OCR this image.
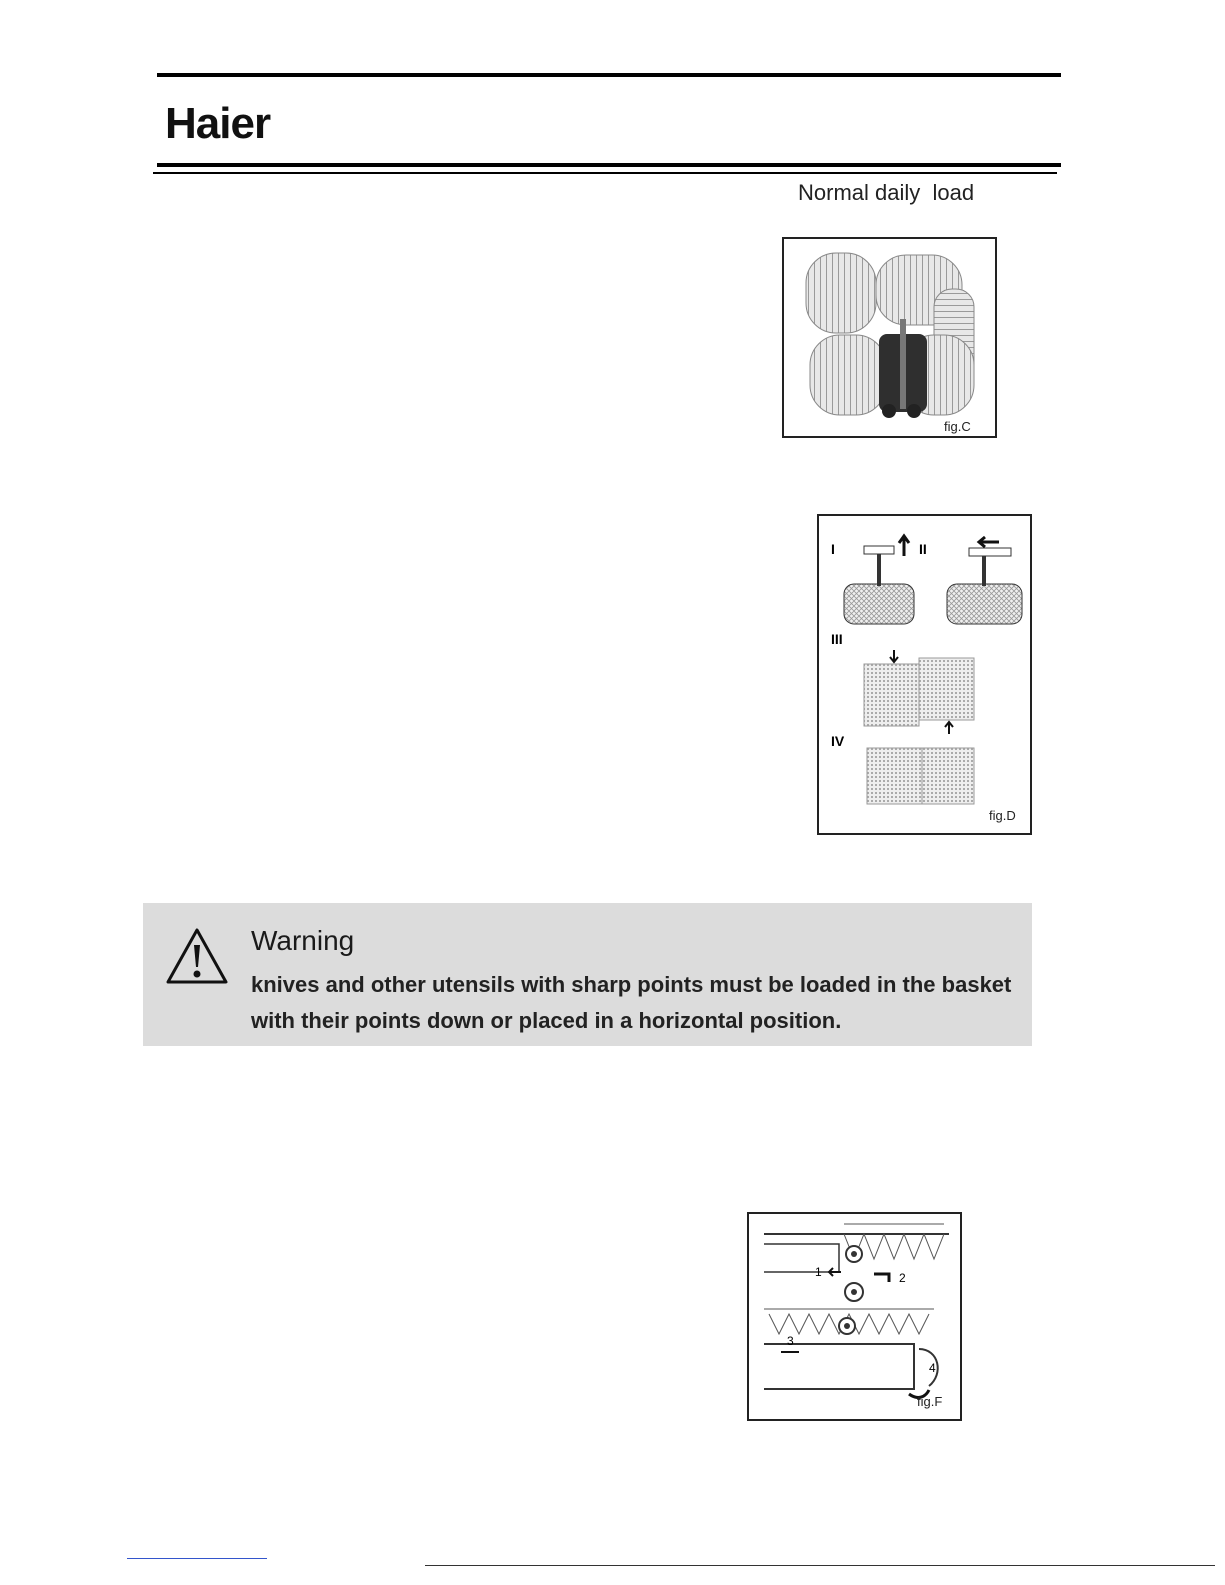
Haier
Normal daily  load
fig.C
I	II
III
IV
fig.D
Warning
knives and other utensils with sharp points must be loaded in the basket with their points down or placed in a horizontal position.
1	2
3
4
fig.F
